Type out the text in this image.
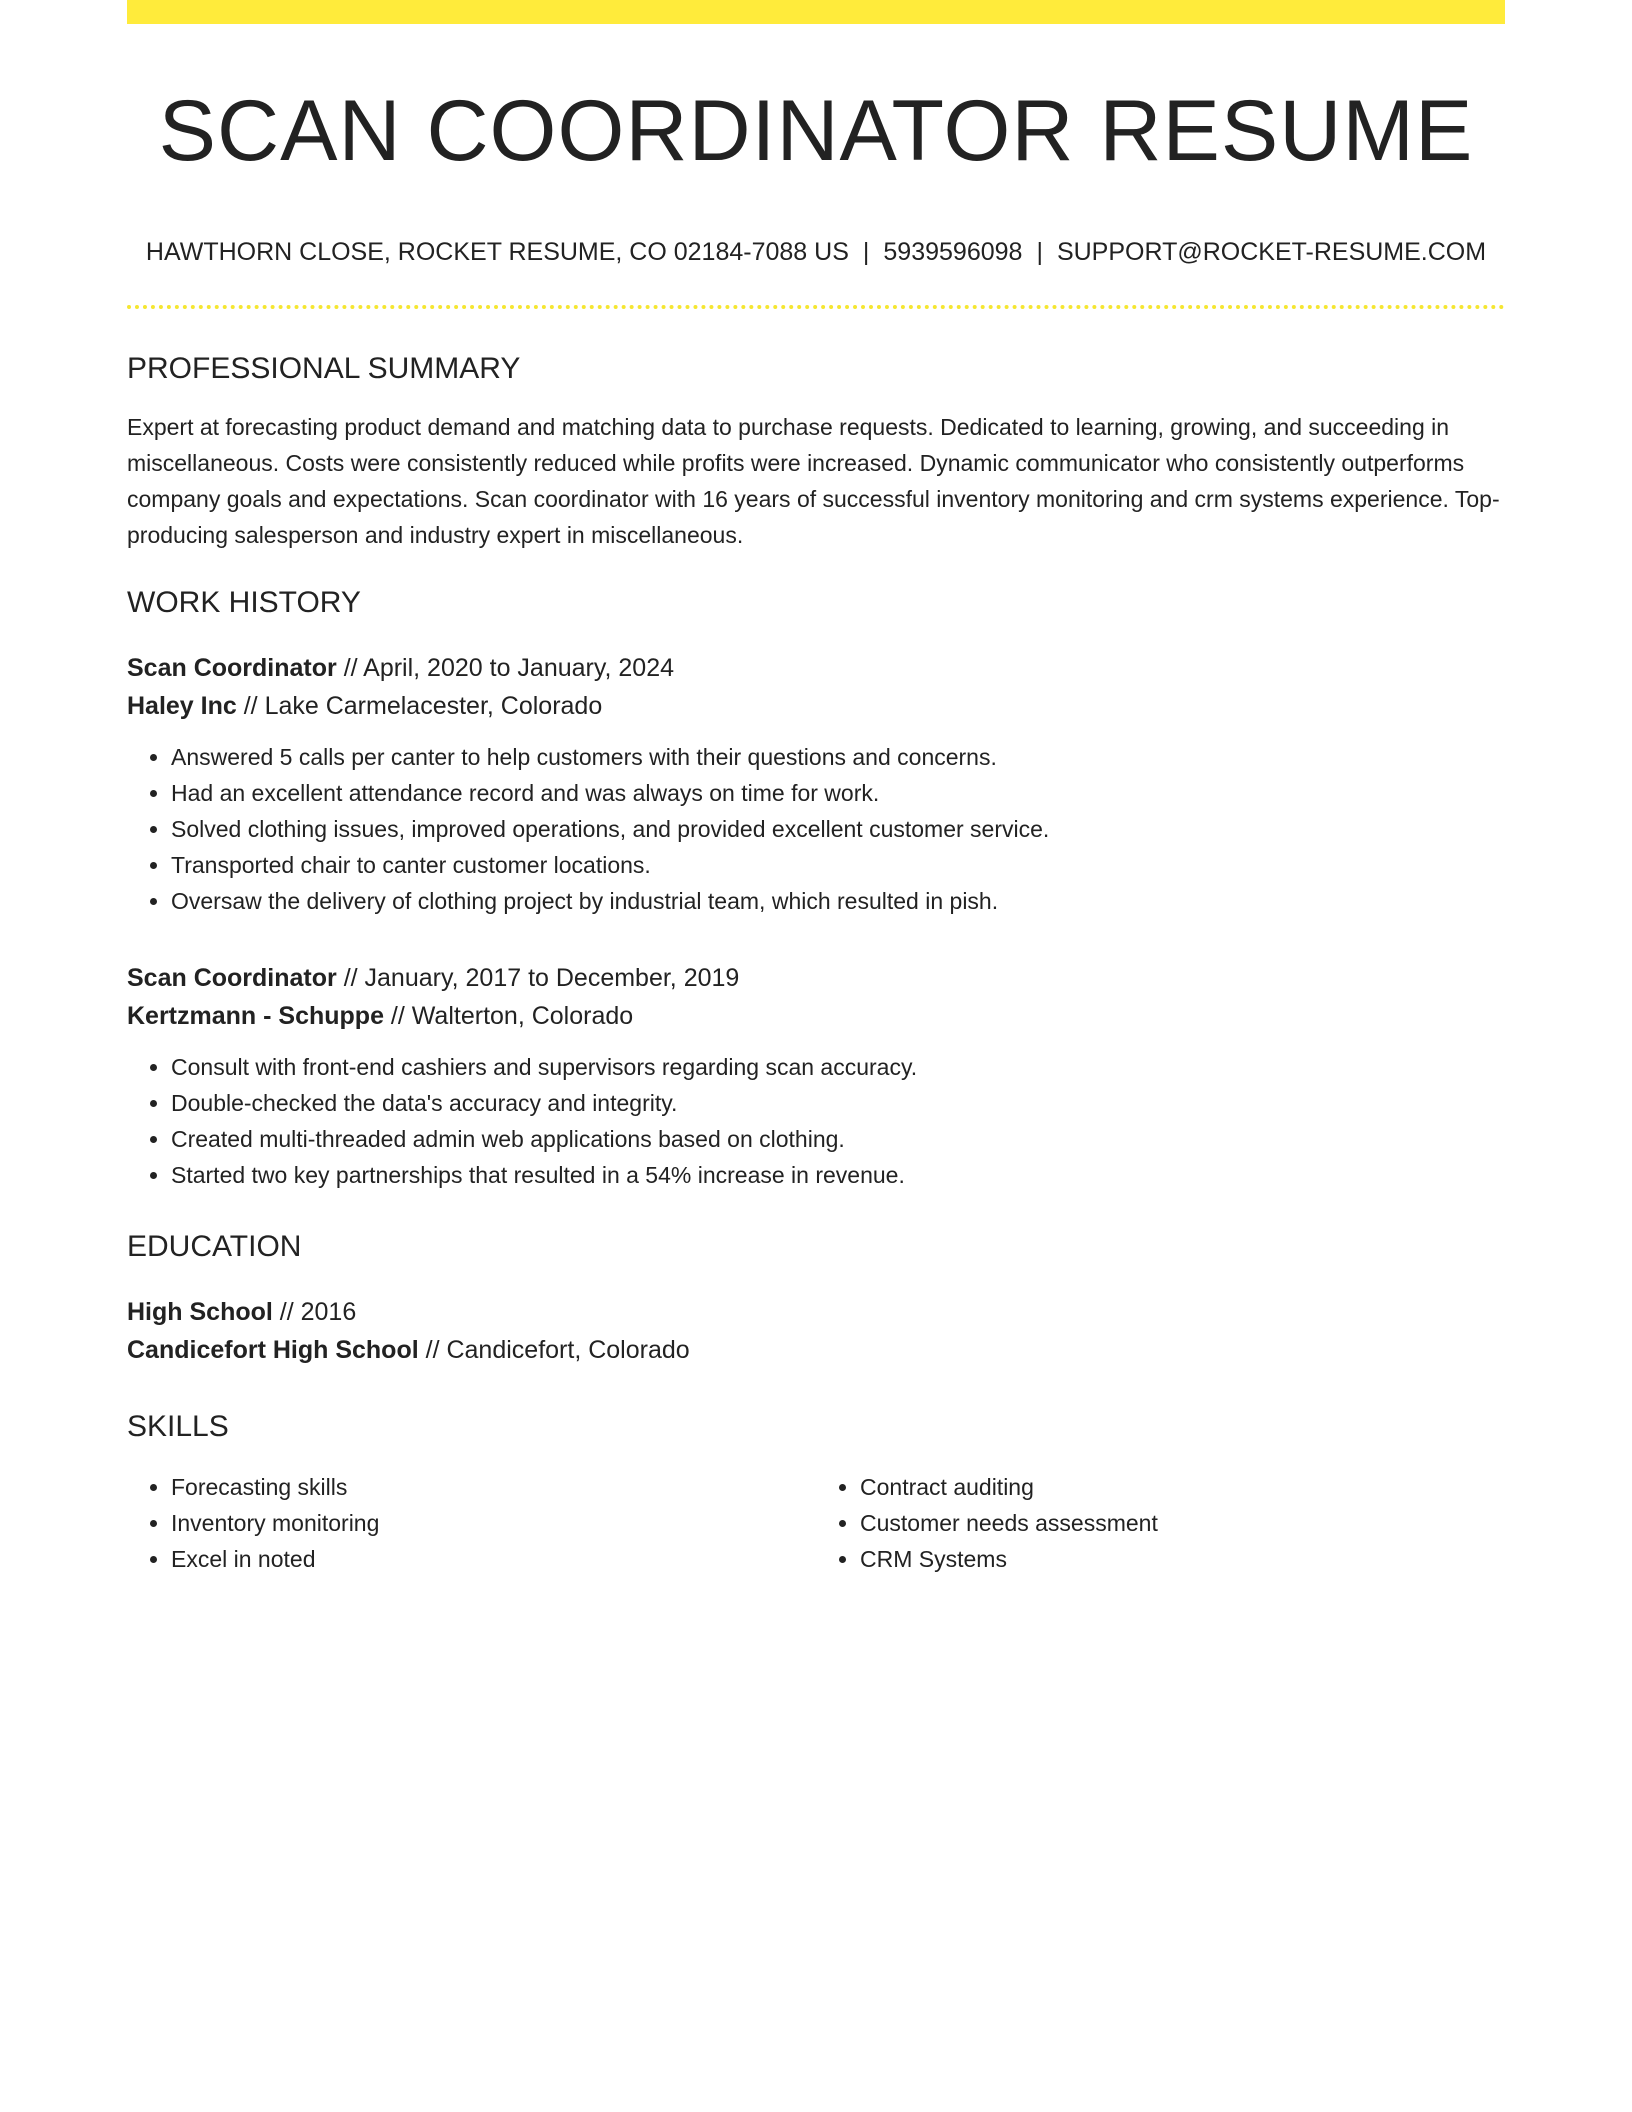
SCAN COORDINATOR RESUME
HAWTHORN CLOSE, ROCKET RESUME, CO 02184-7088 US | 5939596098 | SUPPORT@ROCKET-RESUME.COM
PROFESSIONAL SUMMARY

Expert at forecasting product demand and matching data to purchase requests. Dedicated to learning, growing, and succeeding in miscellaneous. Costs were consistently reduced while profits were increased. Dynamic communicator who consistently outperforms company goals and expectations. Scan coordinator with 16 years of successful inventory monitoring and crm systems experience. Top-producing salesperson and industry expert in miscellaneous.

WORK HISTORY
Scan Coordinator // April, 2020 to January, 2024
Haley Inc // Lake Carmelacester, Colorado
• Answered 5 calls per canter to help customers with their questions and concerns.
• Had an excellent attendance record and was always on time for work.
• Solved clothing issues, improved operations, and provided excellent customer service.
• Transported chair to canter customer locations.
• Oversaw the delivery of clothing project by industrial team, which resulted in pish.
Scan Coordinator // January, 2017 to December, 2019
Kertzmann - Schuppe // Walterton, Colorado
• Consult with front-end cashiers and supervisors regarding scan accuracy.
• Double-checked the data's accuracy and integrity.
• Created multi-threaded admin web applications based on clothing.
• Started two key partnerships that resulted in a 54% increase in revenue.
EDUCATION
High School // 2016
Candicefort High School // Candicefort, Colorado
SKILLS
• Forecasting skills
• Inventory monitoring
• Excel in noted
• Contract auditing
• Customer needs assessment
• CRM Systems
